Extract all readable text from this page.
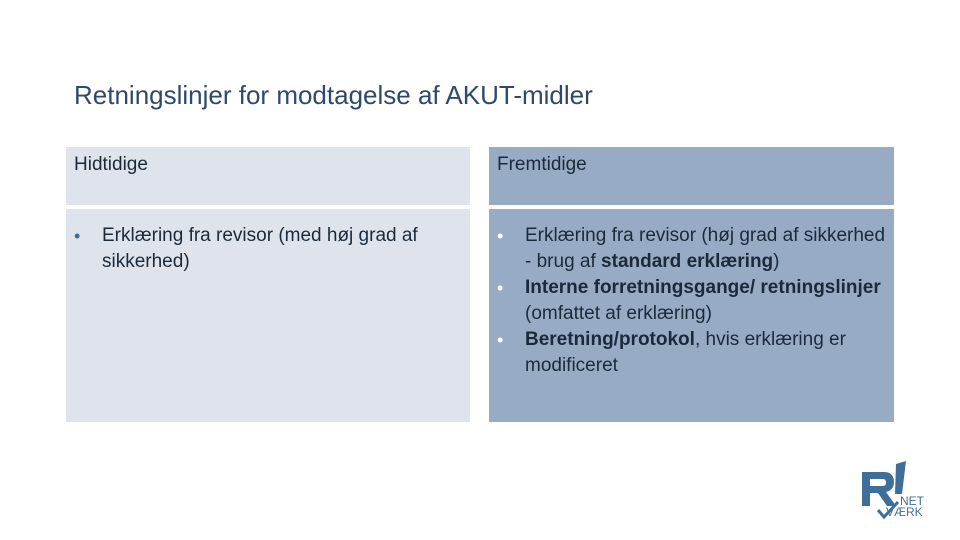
Retningslinjer for modtagelse af AKUT-midler
Hidtidige	Fremtidige
• Erklæring fra revisor (med høj grad af sikkerhed)
• Erklæring fra revisor (høj grad af sikkerhed - brug af standard erklæring)
• Interne forretningsgange/ retningslinjer (omfattet af erklæring)
• Beretning/protokol, hvis erklæring er modificeret
NET
VÆRK
